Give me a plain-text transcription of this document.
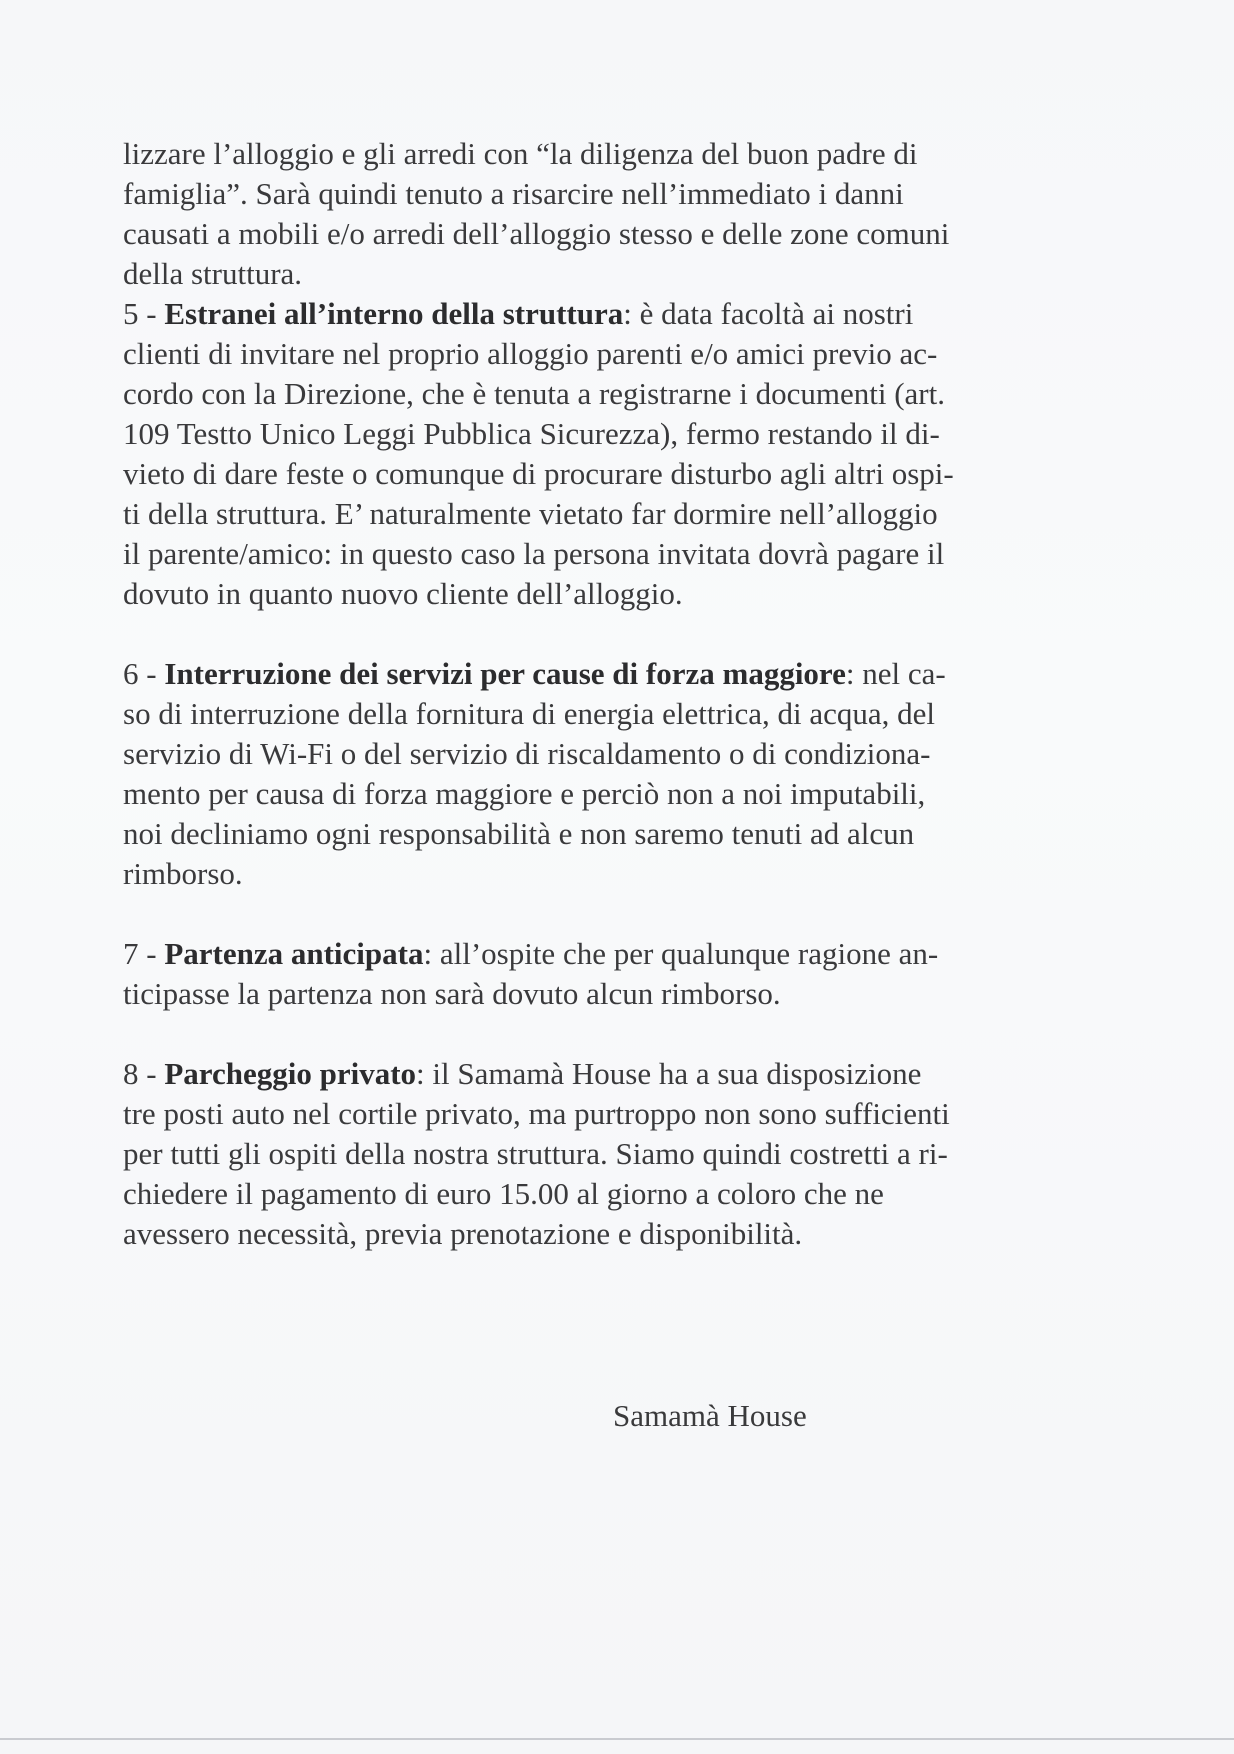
lizzare l’alloggio e gli arredi con “la diligenza del buon padre di
famiglia”. Sarà quindi tenuto a risarcire nell’immediato i danni
causati a mobili e/o arredi dell’alloggio stesso e delle zone comuni
della struttura.
5 - Estranei all’interno della struttura: è data facoltà ai nostri
clienti di invitare nel proprio alloggio parenti e/o amici previo ac-
cordo con la Direzione, che è tenuta a registrarne i documenti (art.
109 Testto Unico Leggi Pubblica Sicurezza), fermo restando il di-
vieto di dare feste o comunque di procurare disturbo agli altri ospi-
ti della struttura. E’ naturalmente vietato far dormire nell’alloggio
il parente/amico: in questo caso la persona invitata dovrà pagare il
dovuto in quanto nuovo cliente dell’alloggio.
6 - Interruzione dei servizi per cause di forza maggiore: nel ca-
so di interruzione della fornitura di energia elettrica, di acqua, del
servizio di Wi-Fi o del servizio di riscaldamento o di condiziona-
mento per causa di forza maggiore e perciò non a noi imputabili,
noi decliniamo ogni responsabilità e non saremo tenuti ad alcun
rimborso.
7 - Partenza anticipata: all’ospite che per qualunque ragione an-
ticipasse la partenza non sarà dovuto alcun rimborso.
8 - Parcheggio privato: il Samamà House ha a sua disposizione
tre posti auto nel cortile privato, ma purtroppo non sono sufficienti
per tutti gli ospiti della nostra struttura. Siamo quindi costretti a ri-
chiedere il pagamento di euro 15.00 al giorno a coloro che ne
avessero necessità, previa prenotazione e disponibilità.
Samamà House
